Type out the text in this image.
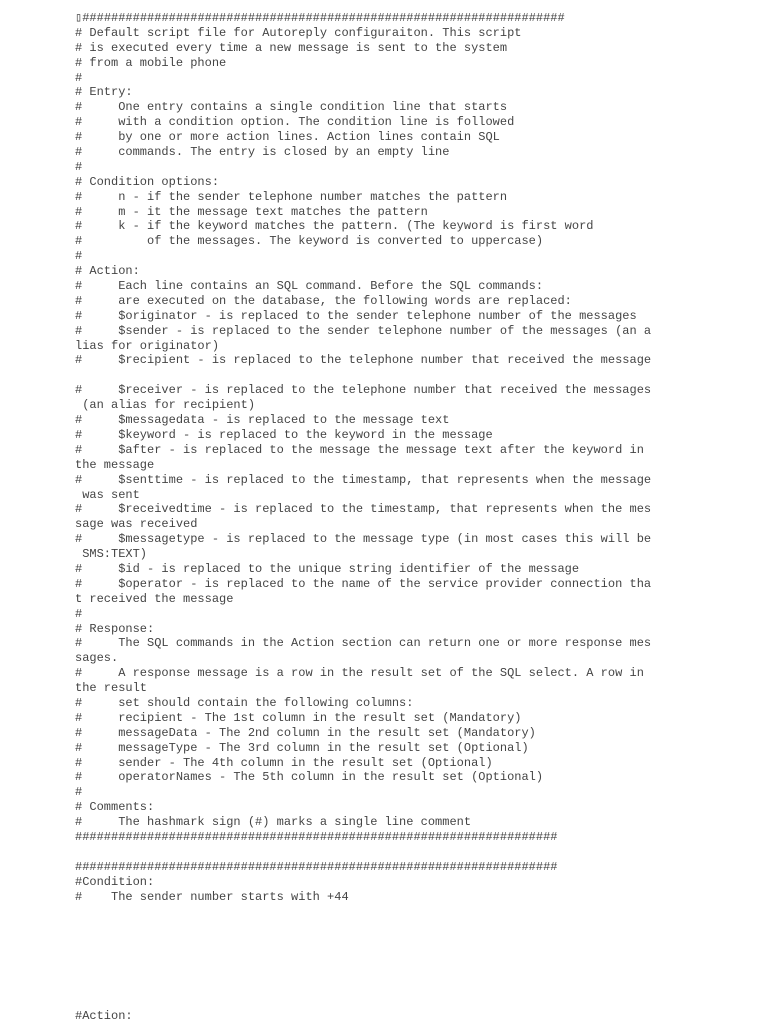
▯###################################################################
# Default script file for Autoreply configuraiton. This script
# is executed every time a new message is sent to the system
# from a mobile phone
#
# Entry:
#     One entry contains a single condition line that starts
#     with a condition option. The condition line is followed
#     by one or more action lines. Action lines contain SQL
#     commands. The entry is closed by an empty line
#
# Condition options:
#     n - if the sender telephone number matches the pattern
#     m - it the message text matches the pattern
#     k - if the keyword matches the pattern. (The keyword is first word
#         of the messages. The keyword is converted to uppercase)
#
# Action:
#     Each line contains an SQL command. Before the SQL commands:
#     are executed on the database, the following words are replaced:
#     $originator - is replaced to the sender telephone number of the messages
#     $sender - is replaced to the sender telephone number of the messages (an a
lias for originator)
#     $recipient - is replaced to the telephone number that received the message
#     $receiver - is replaced to the telephone number that received the messages
(an alias for recipient)
#     $messagedata - is replaced to the message text
#     $keyword - is replaced to the keyword in the message
#     $after - is replaced to the message the message text after the keyword in
the message
#     $senttime - is replaced to the timestamp, that represents when the message
was sent
#     $receivedtime - is replaced to the timestamp, that represents when the mes
sage was received
#     $messagetype - is replaced to the message type (in most cases this will be
SMS:TEXT)
#     $id - is replaced to the unique string identifier of the message
#     $operator - is replaced to the name of the service provider connection tha
t received the message
#
# Response:
#     The SQL commands in the Action section can return one or more response mes
sages.
#     A response message is a row in the result set of the SQL select. A row in
the result
#     set should contain the following columns:
#     recipient - The 1st column in the result set (Mandatory)
#     messageData - The 2nd column in the result set (Mandatory)
#     messageType - The 3rd column in the result set (Optional)
#     sender - The 4th column in the result set (Optional)
#     operatorNames - The 5th column in the result set (Optional)
#
# Comments:
#     The hashmark sign (#) marks a single line comment
###################################################################
###################################################################
#Condition:
#    The sender number starts with +44
#Action:
